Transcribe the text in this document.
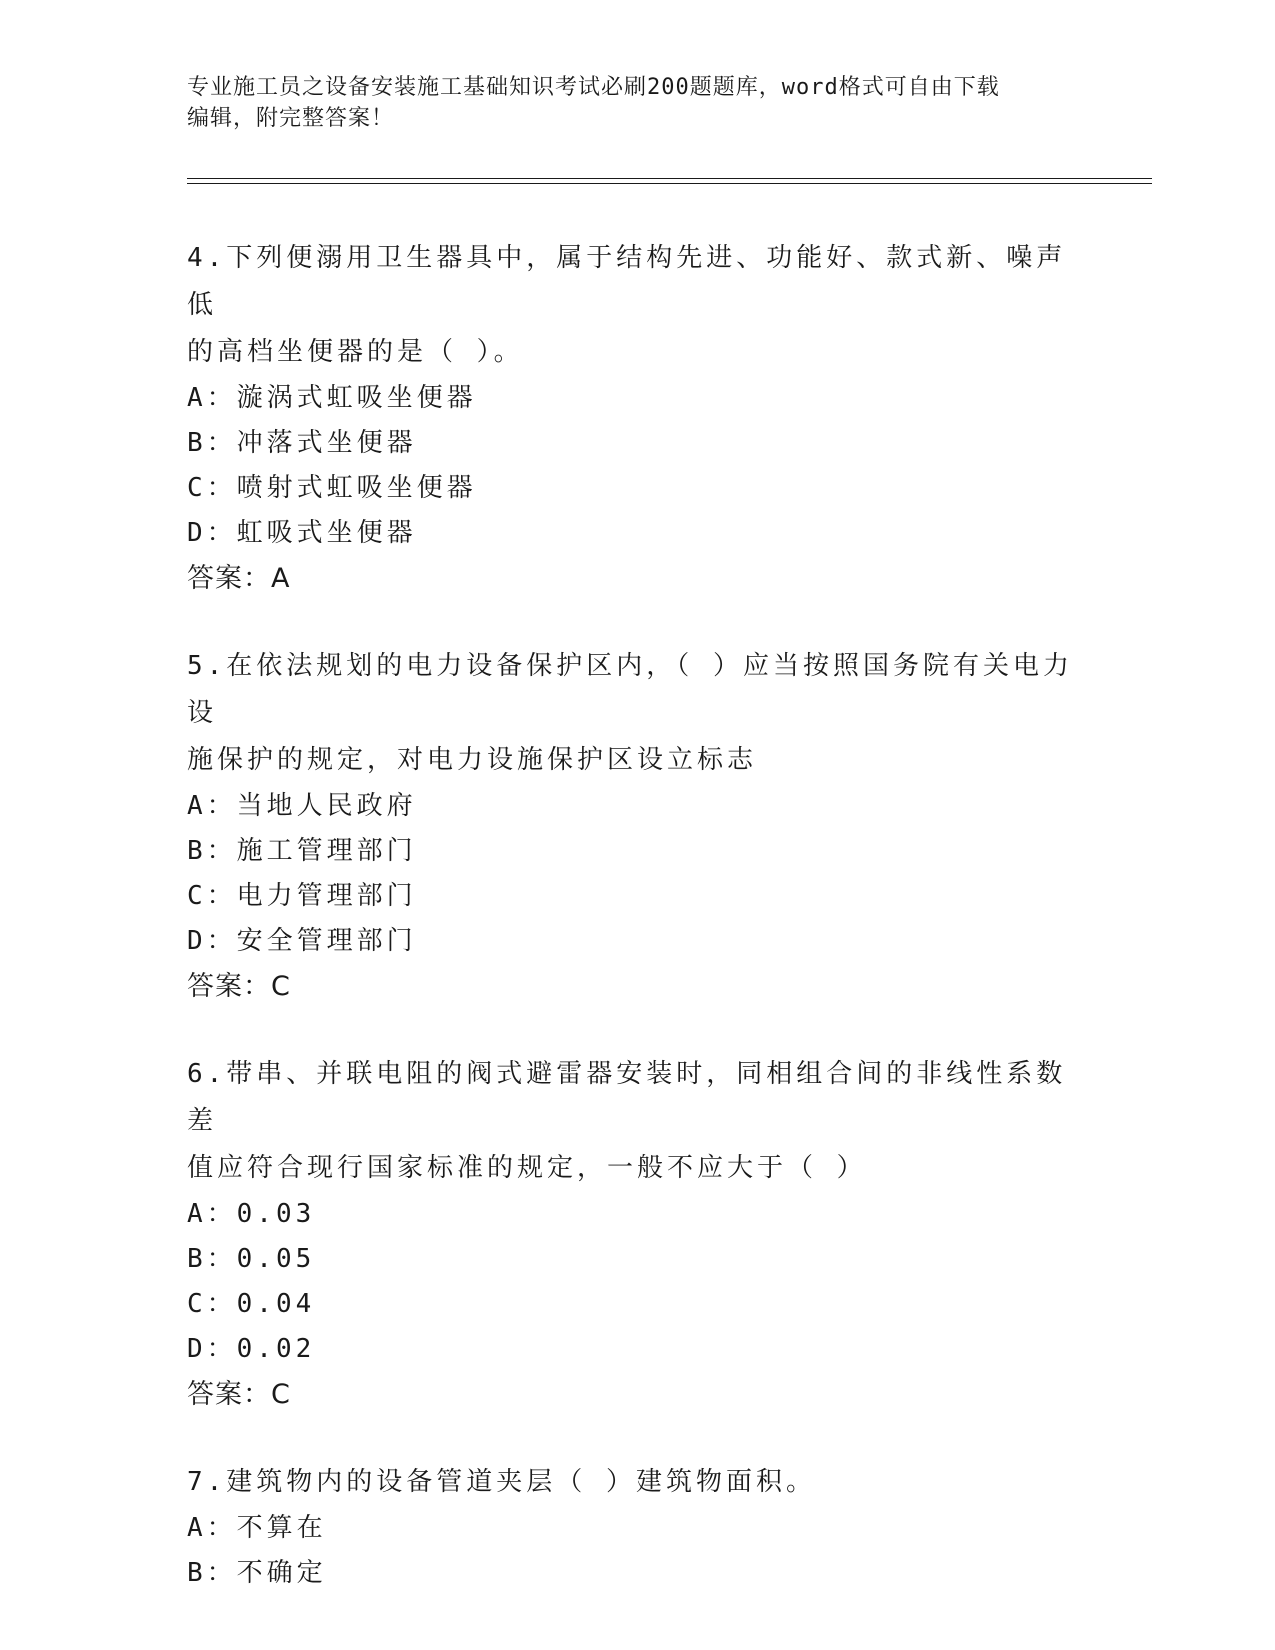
专业施工员之设备安装施工基础知识考试必刷200题题库，word格式可自由下载
编辑，附完整答案！
4.下列便溺用卫生器具中，属于结构先进、功能好、款式新、噪声低
的高档坐便器的是（ ）。
A：漩涡式虹吸坐便器
B：冲落式坐便器
C：喷射式虹吸坐便器
D：虹吸式坐便器
答案：A
5.在依法规划的电力设备保护区内，（ ）应当按照国务院有关电力设
施保护的规定，对电力设施保护区设立标志
A：当地人民政府
B：施工管理部门
C：电力管理部门
D：安全管理部门
答案：C
6.带串、并联电阻的阀式避雷器安装时，同相组合间的非线性系数差
值应符合现行国家标准的规定，一般不应大于（ ）
A：0.03
B：0.05
C：0.04
D：0.02
答案：C
7.建筑物内的设备管道夹层（ ）建筑物面积。
A：不算在
B：不确定
